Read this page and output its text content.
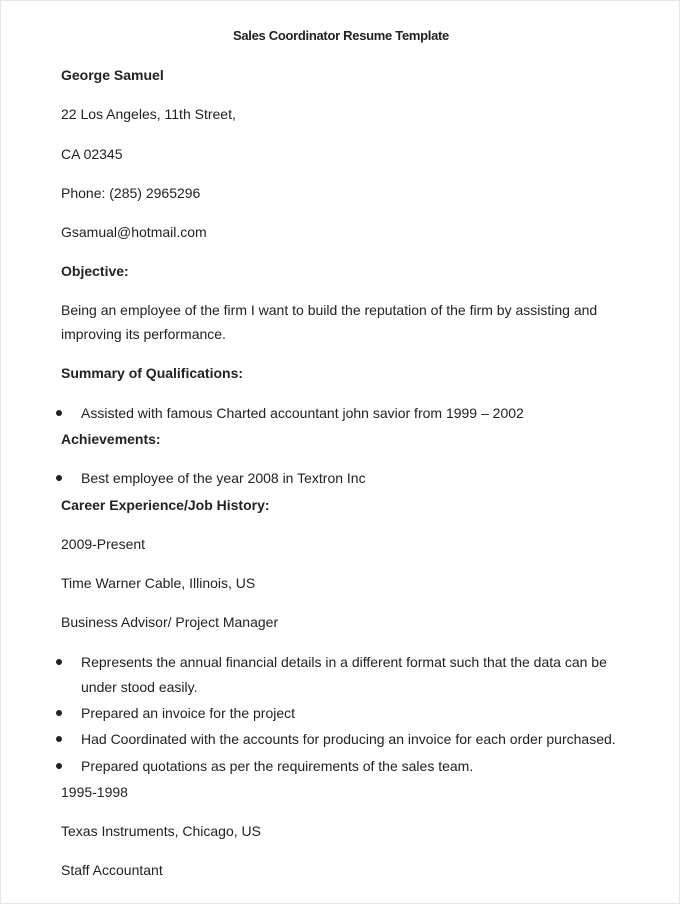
Sales Coordinator Resume Template
George Samuel
22 Los Angeles, 11th Street,
CA 02345
Phone: (285) 2965296
Gsamual@hotmail.com
Objective:
Being an employee of the firm I want to build the reputation of the firm by assisting and
improving its performance.
Summary of Qualifications:
Assisted with famous Charted accountant john savior from 1999 – 2002
Achievements:
Best employee of the year 2008 in Textron Inc
Career Experience/Job History:
2009-Present
Time Warner Cable, Illinois, US
Business Advisor/ Project Manager
Represents the annual financial details in a different format such that the data can be
under stood easily.
Prepared an invoice for the project
Had Coordinated with the accounts for producing an invoice for each order purchased.
Prepared quotations as per the requirements of the sales team.
1995-1998
Texas Instruments, Chicago, US
Staff Accountant
